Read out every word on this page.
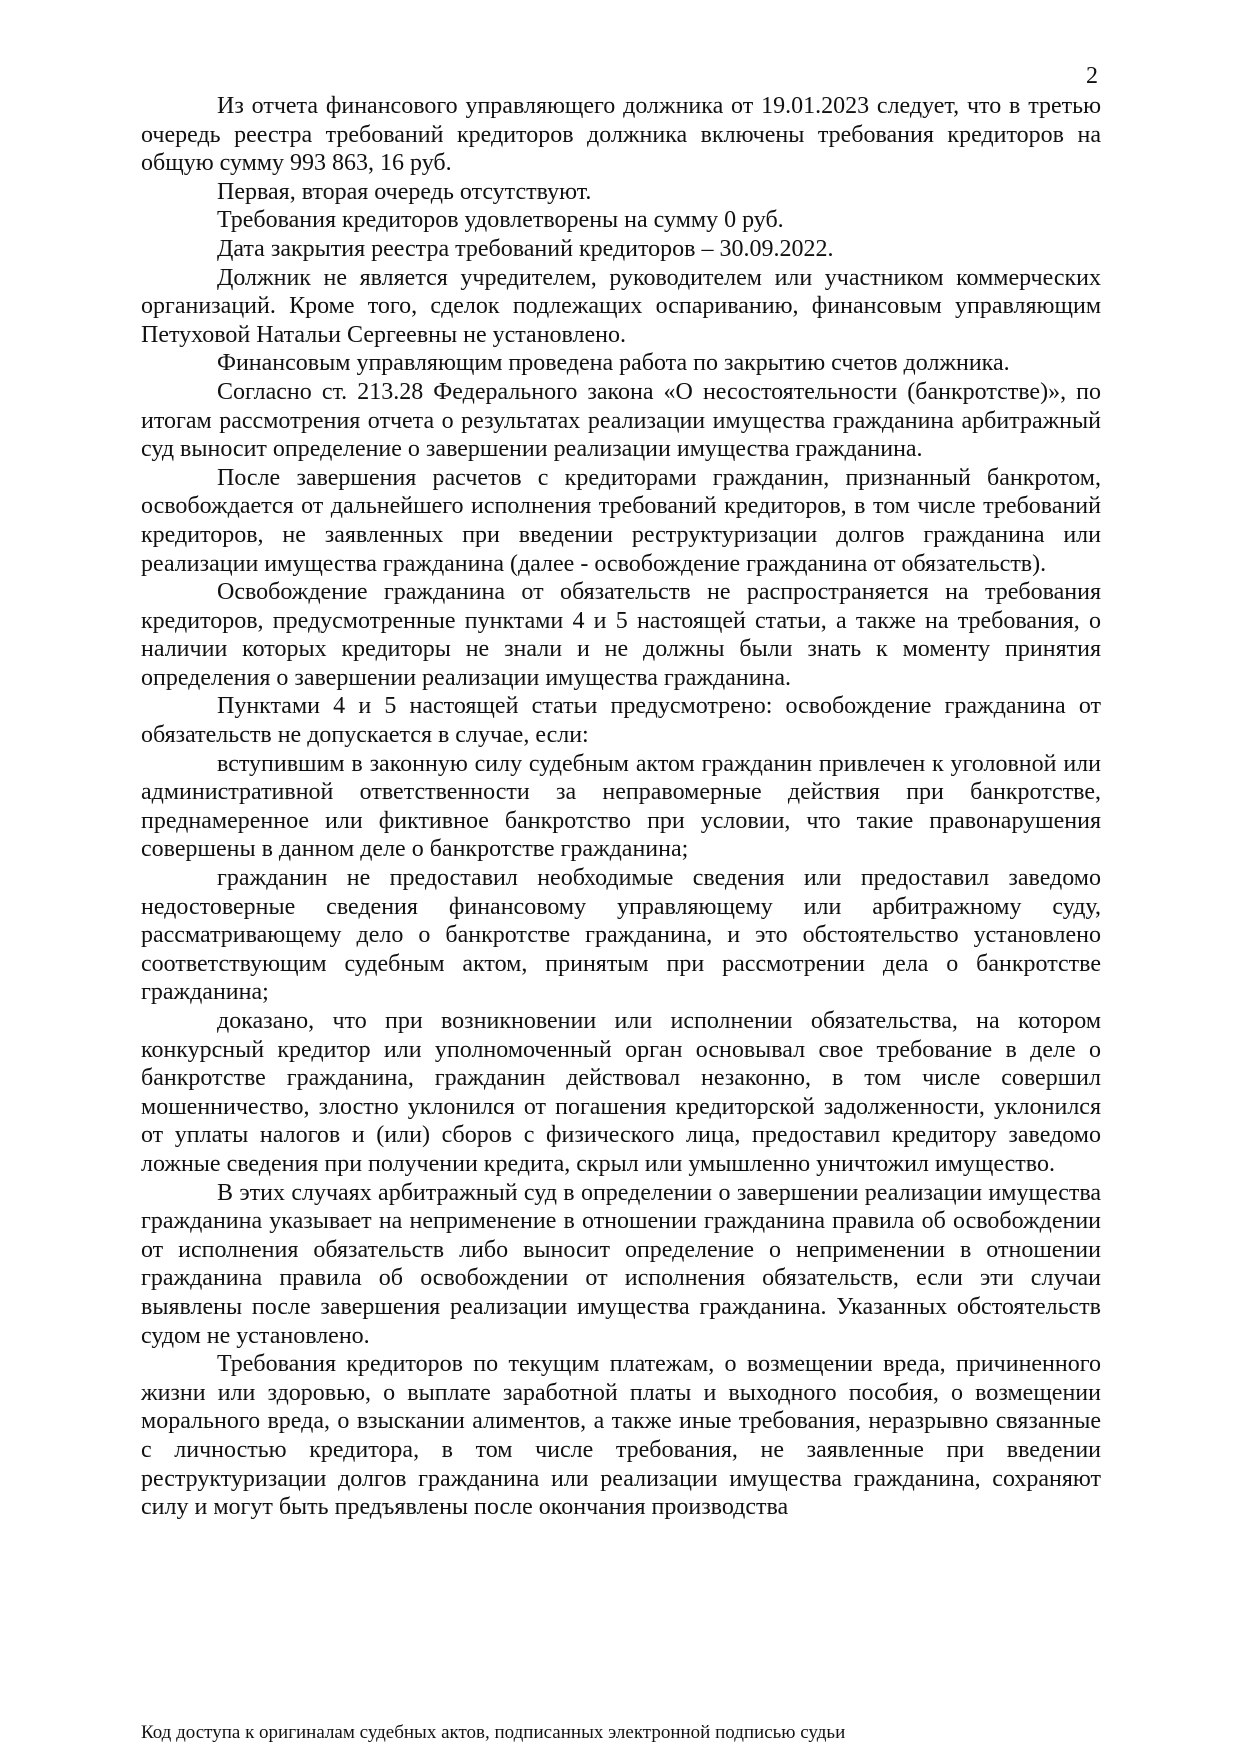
2

Из отчета финансового управляющего должника от 19.01.2023 следует, что в третью очередь реестра требований кредиторов должника включены требования кредиторов на общую сумму 993 863, 16 руб.

Первая, вторая очередь отсутствуют.

Требования кредиторов удовлетворены на сумму 0 руб.

Дата закрытия реестра требований кредиторов – 30.09.2022.

Должник не является учредителем, руководителем или участником коммерческих организаций. Кроме того, сделок подлежащих оспариванию, финансовым управляющим Петуховой Натальи Сергеевны не установлено.

Финансовым управляющим проведена работа по закрытию счетов должника.

Согласно ст. 213.28 Федерального закона «О несостоятельности (банкротстве)», по итогам рассмотрения отчета о результатах реализации имущества гражданина арбитражный суд выносит определение о завершении реализации имущества гражданина.

После завершения расчетов с кредиторами гражданин, признанный банкротом, освобождается от дальнейшего исполнения требований кредиторов, в том числе требований кредиторов, не заявленных при введении реструктуризации долгов гражданина или реализации имущества гражданина (далее - освобождение гражданина от обязательств).

Освобождение гражданина от обязательств не распространяется на требования кредиторов, предусмотренные пунктами 4 и 5 настоящей статьи, а также на требования, о наличии которых кредиторы не знали и не должны были знать к моменту принятия определения о завершении реализации имущества гражданина.

Пунктами 4 и 5 настоящей статьи предусмотрено: освобождение гражданина от обязательств не допускается в случае, если:

вступившим в законную силу судебным актом гражданин привлечен к уголовной или административной ответственности за неправомерные действия при банкротстве, преднамеренное или фиктивное банкротство при условии, что такие правонарушения совершены в данном деле о банкротстве гражданина;

гражданин не предоставил необходимые сведения или предоставил заведомо недостоверные сведения финансовому управляющему или арбитражному суду, рассматривающему дело о банкротстве гражданина, и это обстоятельство установлено соответствующим судебным актом, принятым при рассмотрении дела о банкротстве гражданина;

доказано, что при возникновении или исполнении обязательства, на котором конкурсный кредитор или уполномоченный орган основывал свое требование в деле о банкротстве гражданина, гражданин действовал незаконно, в том числе совершил мошенничество, злостно уклонился от погашения кредиторской задолженности, уклонился от уплаты налогов и (или) сборов с физического лица, предоставил кредитору заведомо ложные сведения при получении кредита, скрыл или умышленно уничтожил имущество.

В этих случаях арбитражный суд в определении о завершении реализации имущества гражданина указывает на неприменение в отношении гражданина правила об освобождении от исполнения обязательств либо выносит определение о неприменении в отношении гражданина правила об освобождении от исполнения обязательств, если эти случаи выявлены после завершения реализации имущества гражданина. Указанных обстоятельств судом не установлено.

Требования кредиторов по текущим платежам, о возмещении вреда, причиненного жизни или здоровью, о выплате заработной платы и выходного пособия, о возмещении морального вреда, о взыскании алиментов, а также иные требования, неразрывно связанные с личностью кредитора, в том числе требования, не заявленные при введении реструктуризации долгов гражданина или реализации имущества гражданина, сохраняют силу и могут быть предъявлены после окончания производства

Код доступа к оригиналам судебных актов, подписанных электронной подписью судьи
